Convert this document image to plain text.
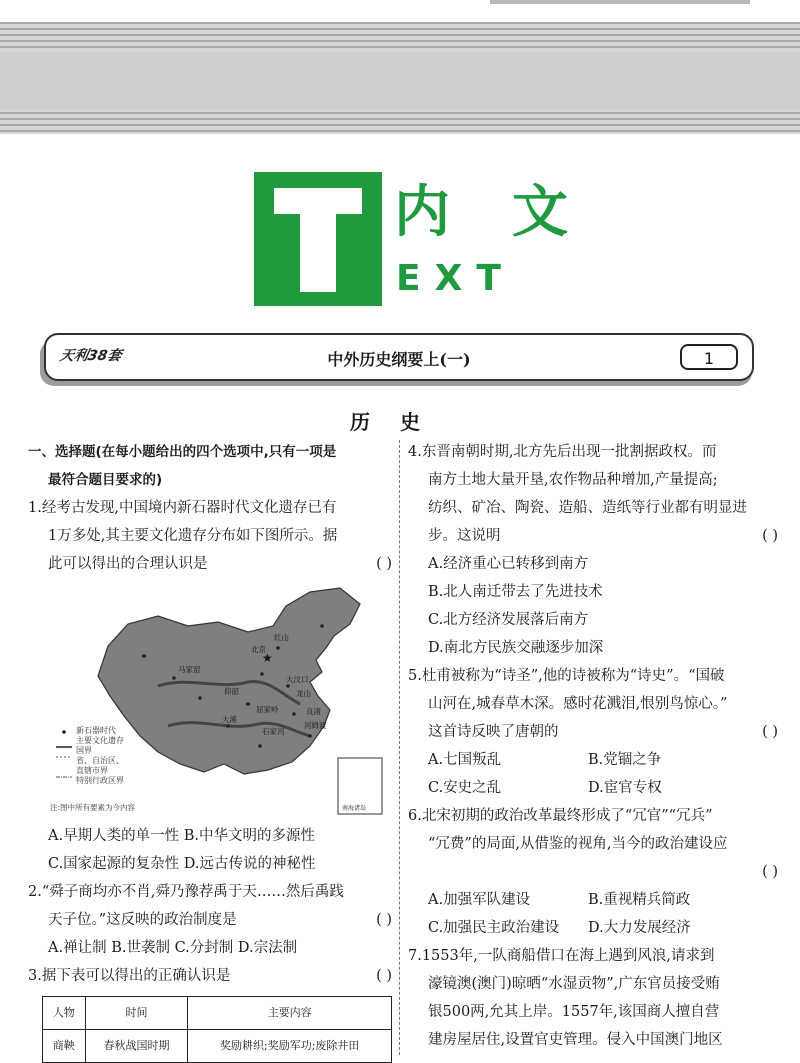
内文
EXT
天利38套	中外历史纲要上(一)	1
历史
一、选择题(在每小题给出的四个选项中,只有一项是
最符合题目要求的)
1.经考古发现,中国境内新石器时代文化遗存已有
1万多处,其主要文化遗存分布如下图所示。据
此可以得出的合理认识是	( )
★
北京
红山
大汶口
龙山
仰韶
马家窑
河姆渡
良渚
屈家岭
大溪
石家河
南海诸岛
新石器时代
主要文化遗存
国界
省、自治区、
直辖市界
特别行政区界
注:图中所有要素为今内容
A.早期人类的单一性 B.中华文明的多源性
C.国家起源的复杂性 D.远古传说的神秘性
2.“舜子商均亦不肖,舜乃豫荐禹于天……然后禹践
天子位。”这反映的政治制度是	( )
A.禅让制 B.世袭制 C.分封制 D.宗法制
3.据下表可以得出的正确认识是	( )
人物	时间	主要内容
商鞅	春秋战国时期	奖励耕织;奖励军功;废除井田
4.东晋南朝时期,北方先后出现一批割据政权。而
南方土地大量开垦,农作物品种增加,产量提高;
纺织、矿冶、陶瓷、造船、造纸等行业都有明显进
步。这说明	( )
A.经济重心已转移到南方
B.北人南迁带去了先进技术
C.北方经济发展落后南方
D.南北方民族交融逐步加深
5.杜甫被称为“诗圣”,他的诗被称为“诗史”。“国破
山河在,城春草木深。感时花溅泪,恨别鸟惊心。”
这首诗反映了唐朝的	( )
A.七国叛乱	B.党锢之争
C.安史之乱	D.宦官专权
6.北宋初期的政治改革最终形成了“冗官”“冗兵”
“冗费”的局面,从借鉴的视角,当今的政治建设应
( )

A.加强军队建设	B.重视精兵简政
C.加强民主政治建设 D.大力发展经济
7.1553年,一队商船借口在海上遇到风浪,请求到
濠镜澳(澳门)晾晒“水湿贡物”,广东官员接受贿
银500两,允其上岸。1557年,该国商人擅自营
建房屋居住,设置官吏管理。侵入中国澳门地区
